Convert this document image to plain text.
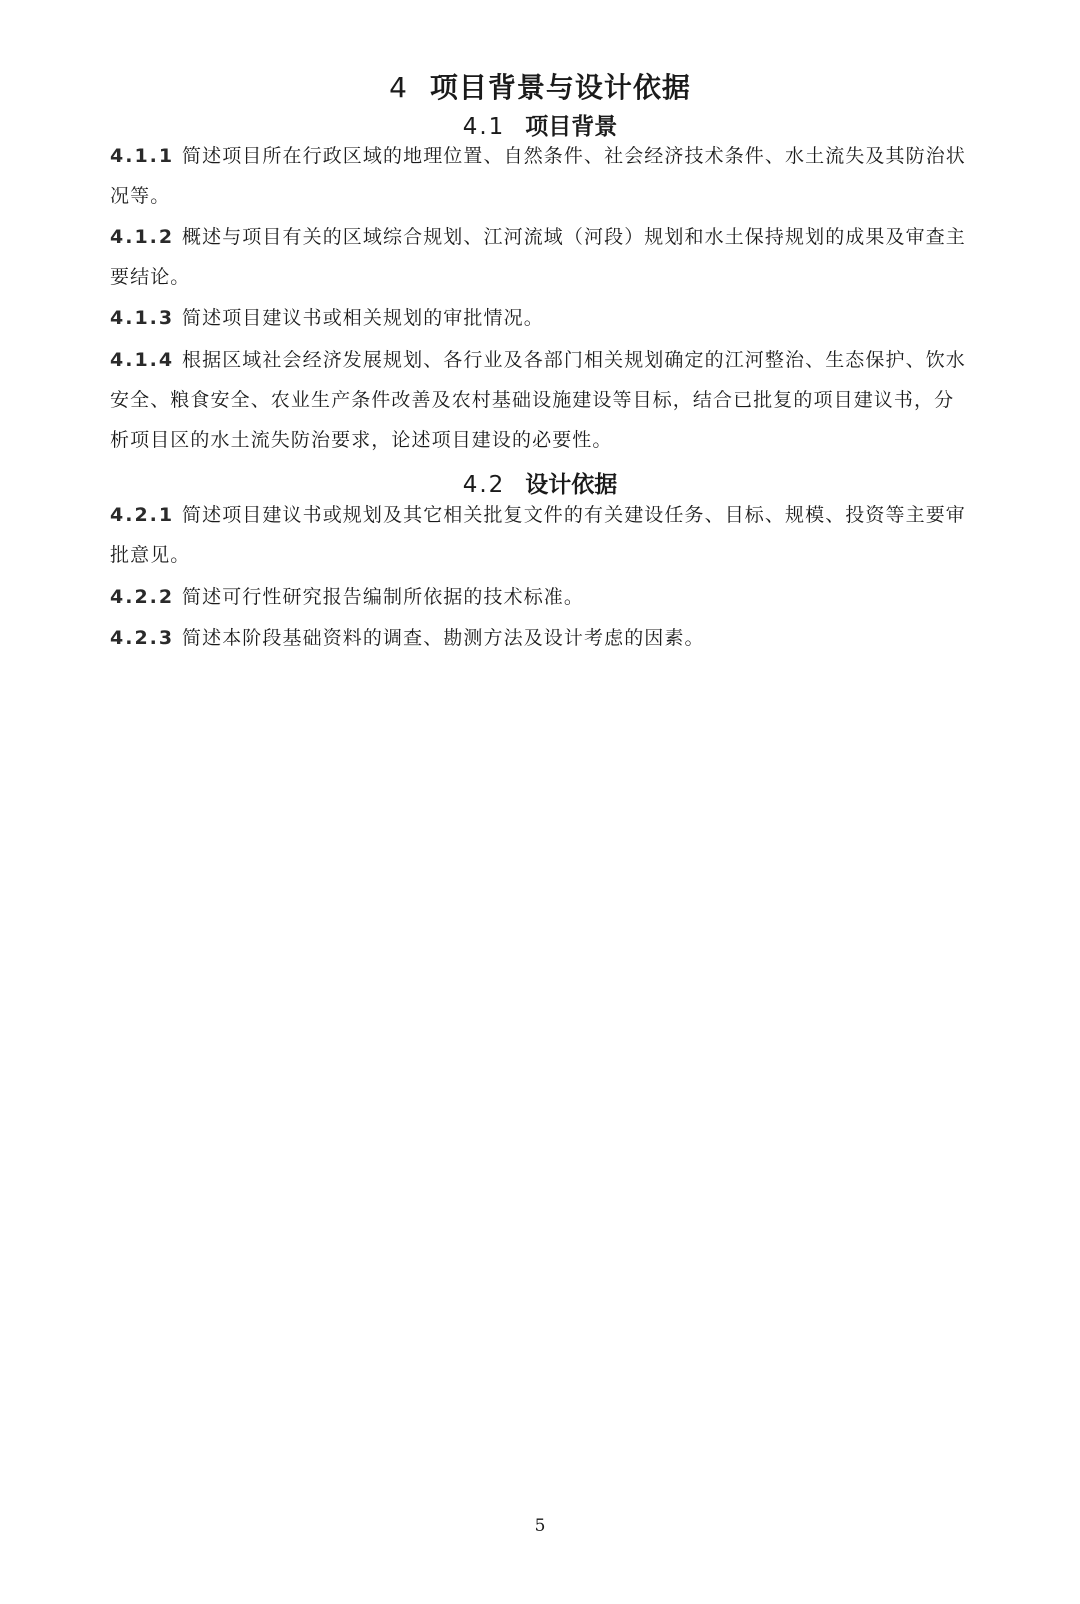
4 项目背景与设计依据
4.1 项目背景
4.1.1 简述项目所在行政区域的地理位置、自然条件、社会经济技术条件、水土流失及其防治状况等。
4.1.2 概述与项目有关的区域综合规划、江河流域（河段）规划和水土保持规划的成果及审查主要结论。
4.1.3 简述项目建议书或相关规划的审批情况。
4.1.4 根据区域社会经济发展规划、各行业及各部门相关规划确定的江河整治、生态保护、饮水安全、粮食安全、农业生产条件改善及农村基础设施建设等目标，结合已批复的项目建议书，分析项目区的水土流失防治要求，论述项目建设的必要性。
4.2 设计依据
4.2.1 简述项目建议书或规划及其它相关批复文件的有关建设任务、目标、规模、投资等主要审批意见。
4.2.2 简述可行性研究报告编制所依据的技术标准。
4.2.3 简述本阶段基础资料的调查、勘测方法及设计考虑的因素。
5
